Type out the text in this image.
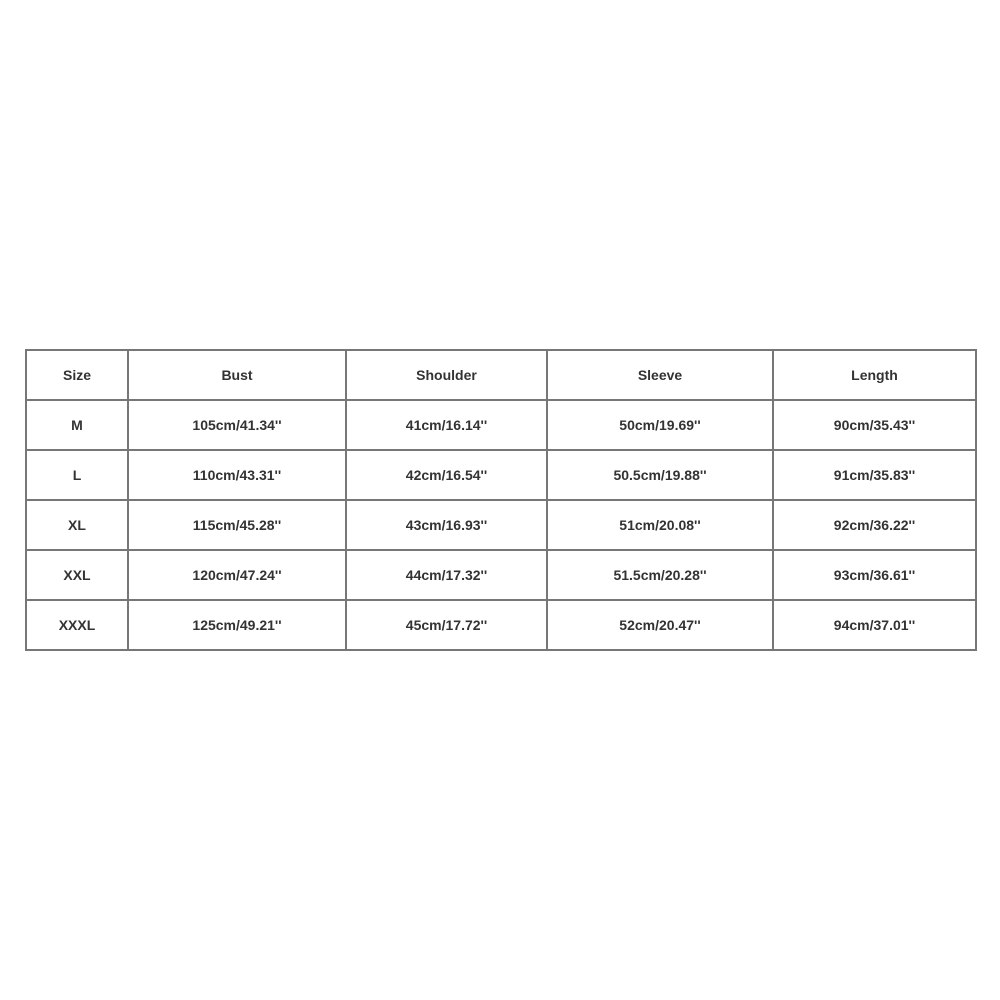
Size	Bust	Shoulder	Sleeve	Length
M	105cm/41.34''	41cm/16.14''	50cm/19.69''	90cm/35.43''
L	110cm/43.31''	42cm/16.54''	50.5cm/19.88''	91cm/35.83''
XL	115cm/45.28''	43cm/16.93''	51cm/20.08''	92cm/36.22''
XXL	120cm/47.24''	44cm/17.32''	51.5cm/20.28''	93cm/36.61''
XXXL	125cm/49.21''	45cm/17.72''	52cm/20.47''	94cm/37.01''
